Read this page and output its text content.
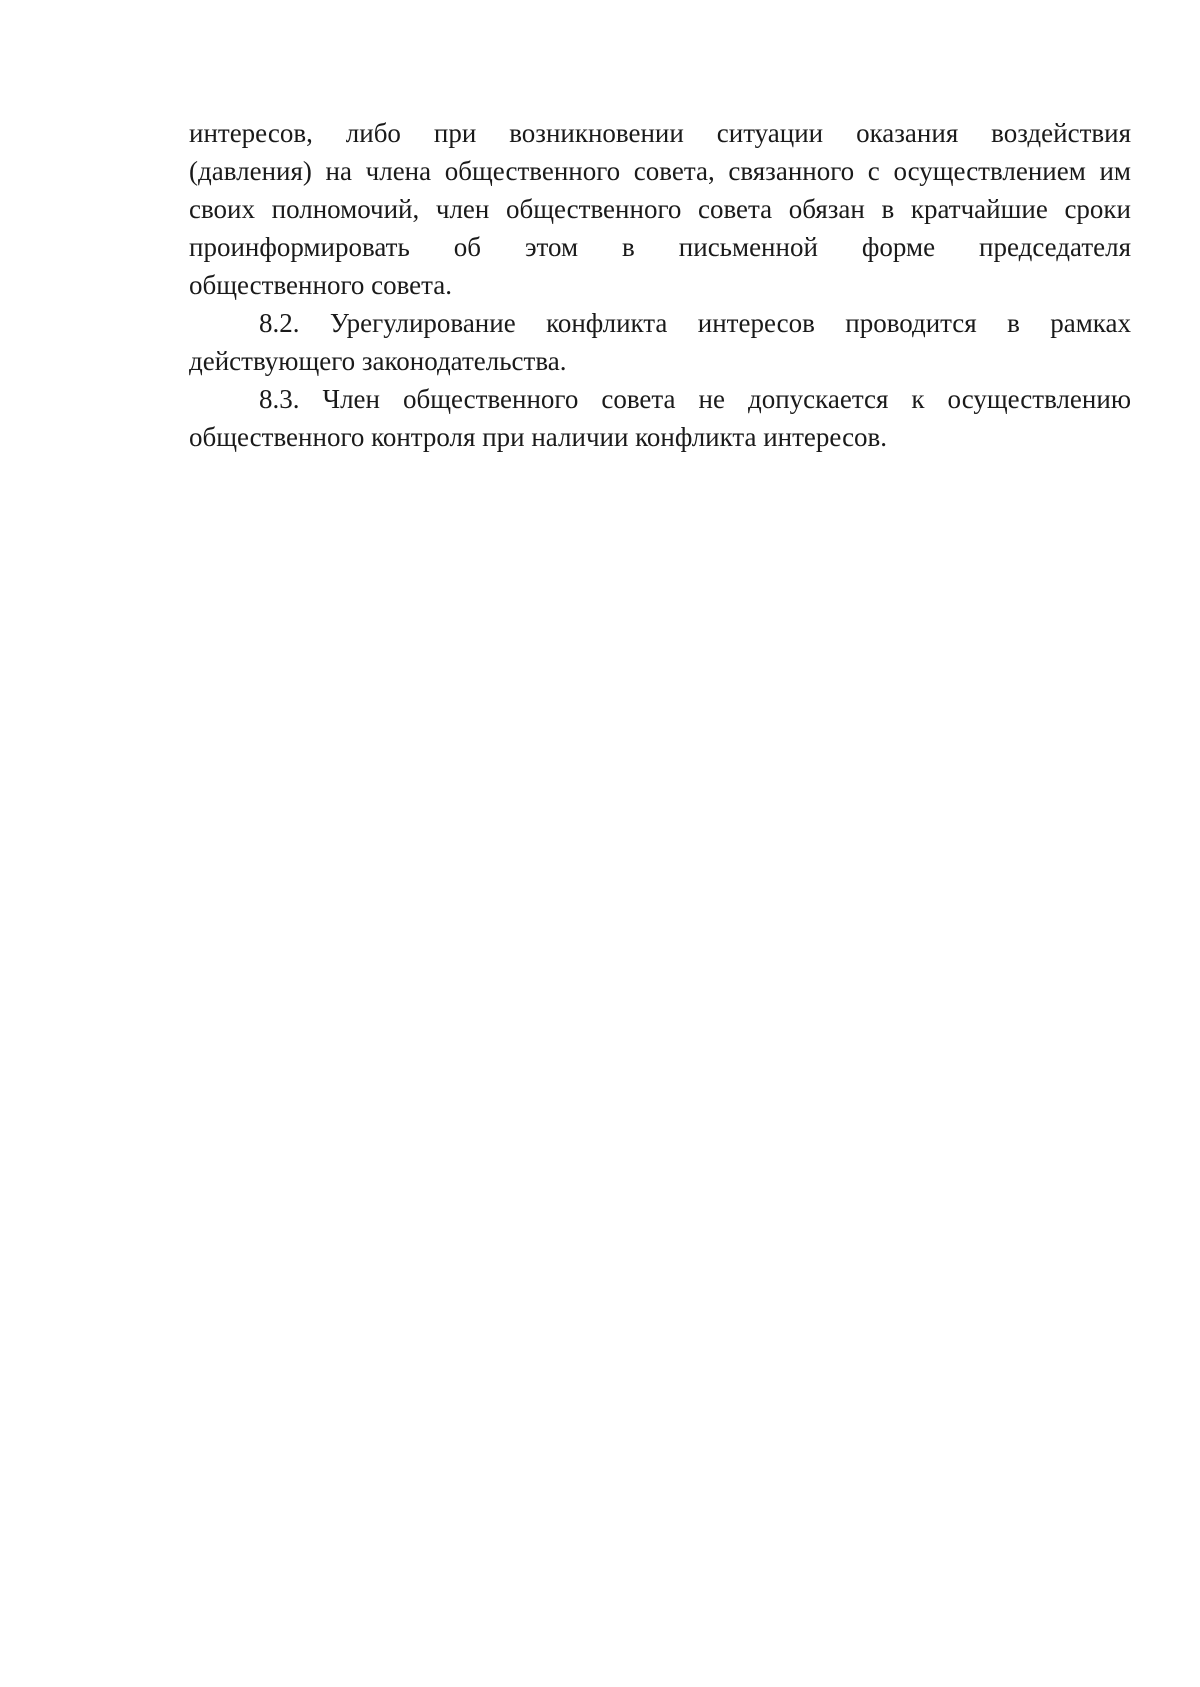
интересов, либо при возникновении ситуации оказания воздействия
(давления) на члена общественного совета, связанного с осуществлением им
своих полномочий, член общественного совета обязан в кратчайшие сроки
проинформировать об этом в письменной форме председателя
общественного совета.
8.2. Урегулирование конфликта интересов проводится в рамках
действующего законодательства.
8.3. Член общественного совета не допускается к осуществлению
общественного контроля при наличии конфликта интересов.
